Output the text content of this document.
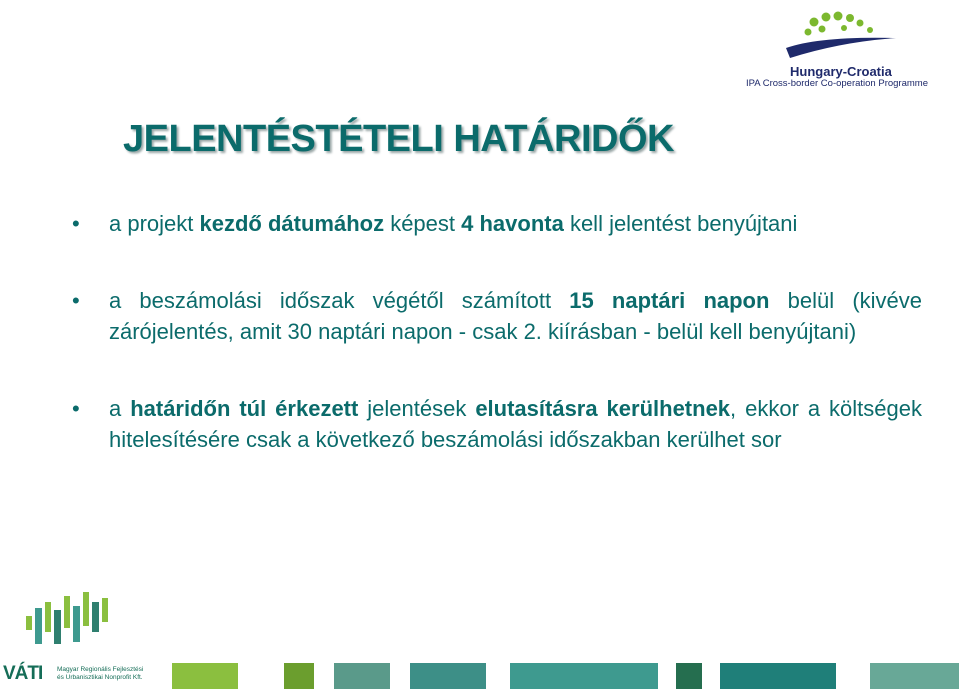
Hungary-Croatia
IPA Cross-border Co-operation Programme
JELENTÉSTÉTELI HATÁRIDŐK
• a projekt kezdő dátumához képest 4 havonta kell jelentést benyújtani
• a beszámolási időszak végétől számított 15 naptári napon belül (kivéve zárójelentés, amit 30 naptári napon - csak 2. kiírásban - belül kell benyújtani)
• a határidőn túl érkezett jelentések elutasításra kerülhetnek, ekkor a költségek hitelesítésére csak a következő beszámolási időszakban kerülhet sor
VÁTI Magyar Regionális Fejlesztési
és Urbanisztikai Nonprofit Kft.
